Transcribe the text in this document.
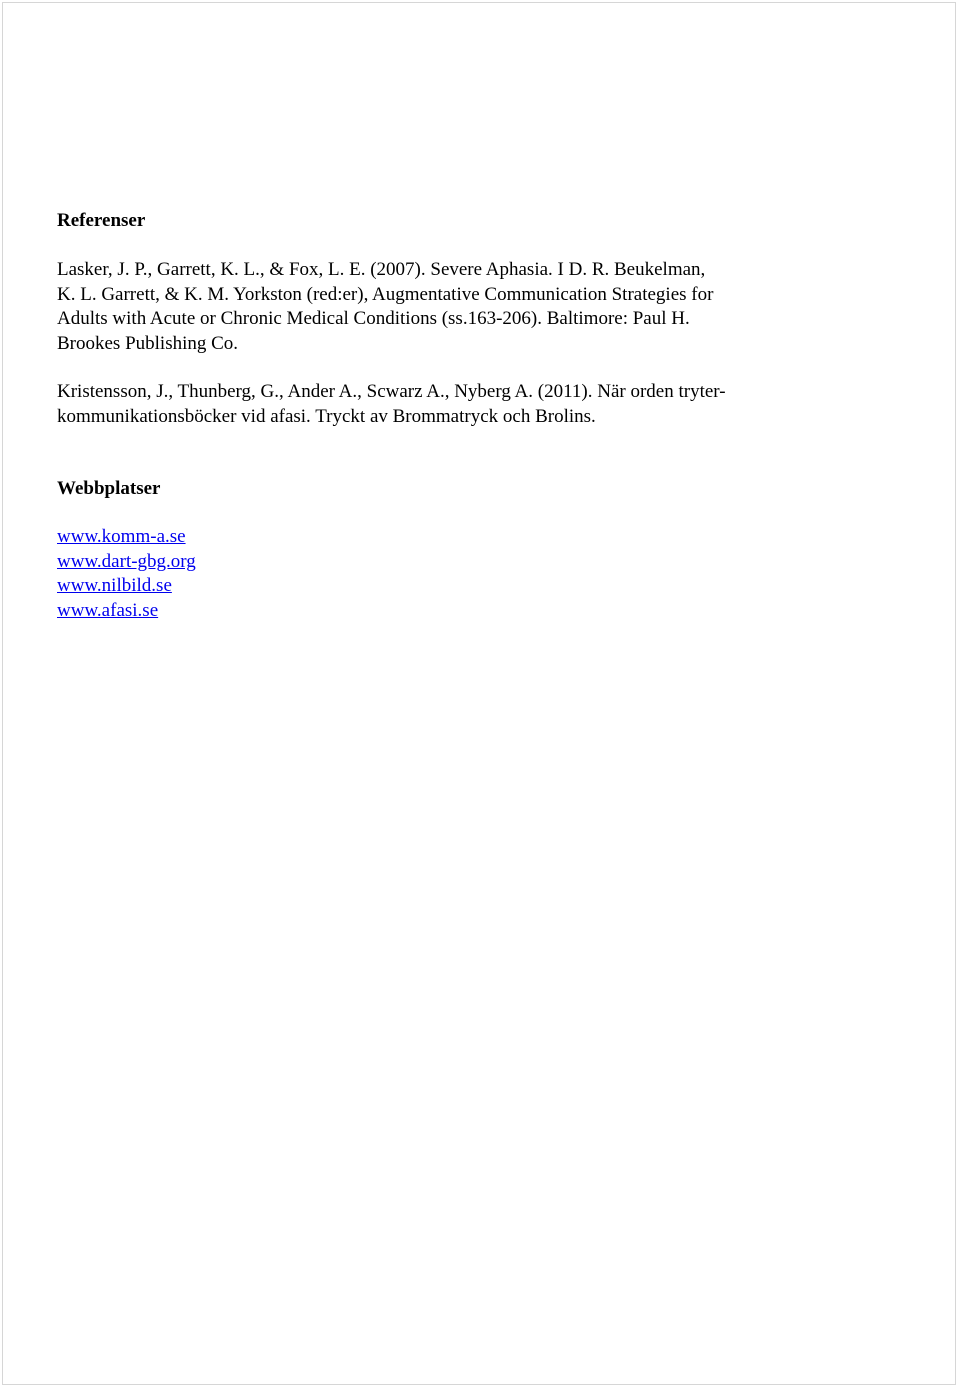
Referenser

Lasker, J. P., Garrett, K. L., & Fox, L. E. (2007). Severe Aphasia. I D. R. Beukelman,
K. L. Garrett, & K. M. Yorkston (red:er), Augmentative Communication Strategies for
Adults with Acute or Chronic Medical Conditions (ss.163-206). Baltimore: Paul H.
Brookes Publishing Co.

Kristensson, J., Thunberg, G., Ander A., Scwarz A., Nyberg A. (2011). När orden tryter-
kommunikationsböcker vid afasi. Tryckt av Brommatryck och Brolins.

Webbplatser
www.komm-a.se
www.dart-gbg.org
www.nilbild.se
www.afasi.se
